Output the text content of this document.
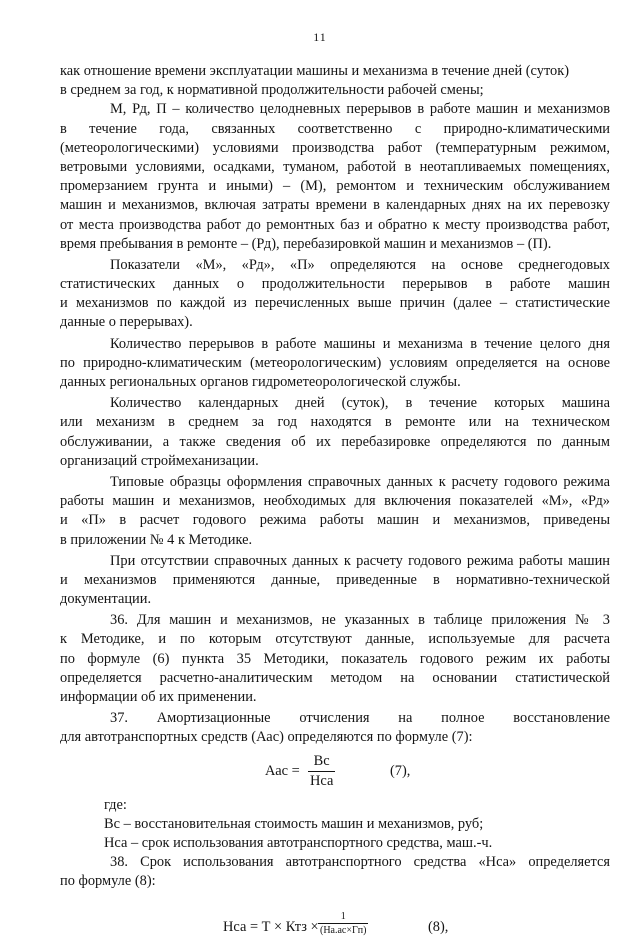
11
как отношение времени эксплуатации машины и механизма в течение дней (суток)
в среднем за год, к нормативной продолжительности рабочей смены;
М, Рд, П – количество целодневных перерывов в работе машин и механизмов
в течение года, связанных соответственно с природно-климатическими
(метеорологическими) условиями производства работ (температурным режимом,
ветровыми условиями, осадками, туманом, работой в неотапливаемых помещениях,
промерзанием грунта и иными) – (М), ремонтом и техническим обслуживанием
машин и механизмов, включая затраты времени в календарных днях на их перевозку
от места производства работ до ремонтных баз и обратно к месту производства работ,
время пребывания в ремонте – (Рд), перебазировкой машин и механизмов – (П).
Показатели «М», «Рд», «П» определяются на основе среднегодовых
статистических данных о продолжительности перерывов в работе машин
и механизмов по каждой из перечисленных выше причин (далее – статистические
данные о перерывах).
Количество перерывов в работе машины и механизма в течение целого дня
по природно-климатическим (метеорологическим) условиям определяется на основе
данных региональных органов гидрометеорологической службы.
Количество календарных дней (суток), в течение которых машина
или механизм в среднем за год находятся в ремонте или на техническом
обслуживании, а также сведения об их перебазировке определяются по данным
организаций строймеханизации.
Типовые образцы оформления справочных данных к расчету годового режима
работы машин и механизмов, необходимых для включения показателей «М», «Рд»
и «П» в расчет годового режима работы машин и механизмов, приведены
в приложении № 4 к Методике.
При отсутствии справочных данных к расчету годового режима работы машин
и механизмов применяются данные, приведенные в нормативно-технической
документации.
36. Для машин и механизмов, не указанных в таблице приложения № 3
к Методике, и по которым отсутствуют данные, используемые для расчета
по формуле (6) пункта 35 Методики, показатель годового режим их работы
определяется расчетно-аналитическим методом на основании статистической
информации об их применении.
37. Амортизационные отчисления на полное восстановление
для автотранспортных средств (Аас) определяются по формуле (7):
Аас =
Вс
Нса
(7),
где:
Вс – восстановительная стоимость машин и механизмов, руб;
Нса – срок использования автотранспортного средства, маш.-ч.
38. Срок использования автотранспортного средства «Нса» определяется
по формуле (8):
Нса = Т × Ктз ×
1
(На.ас×Гп)	(8),
